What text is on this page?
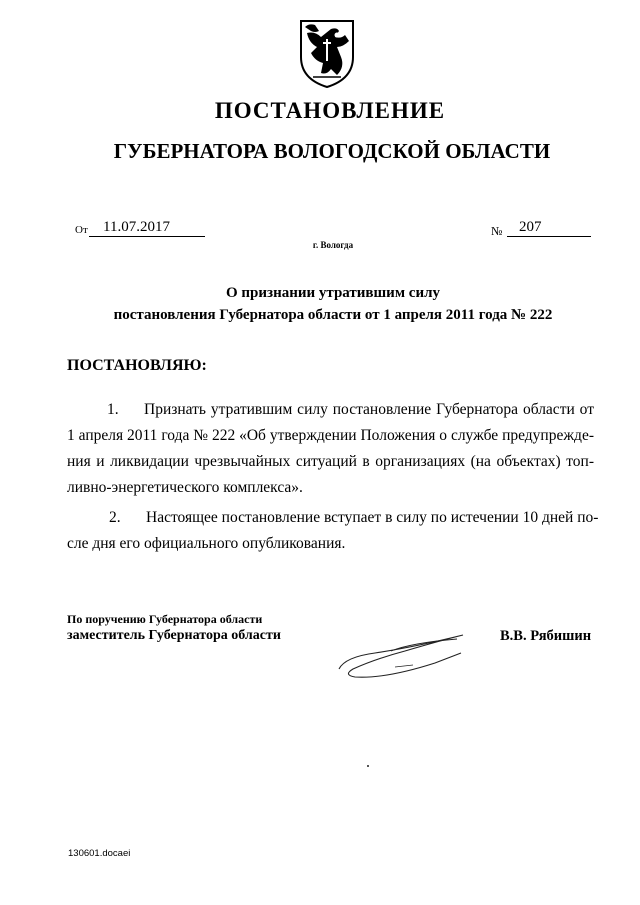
ПОСТАНОВЛЕНИЕ
ГУБЕРНАТОРА ВОЛОГОДСКОЙ ОБЛАСТИ
От 11.07.2017	№ 207
г. Вологда
О признании утратившим силу
постановления Губернатора области от 1 апреля 2011 года № 222
ПОСТАНОВЛЯЮ:
1. Признать утратившим силу постановление Губернатора области от
1 апреля 2011 года № 222 «Об утверждении Положения о службе предупрежде-
ния и ликвидации чрезвычайных ситуаций в организациях (на объектах) топ-
ливно-энергетического комплекса».
2. Настоящее постановление вступает в силу по истечении 10 дней по-
сле дня его официального опубликования.
По поручению Губернатора области
заместитель Губернатора области	В.В. Рябишин
130601.docaei
